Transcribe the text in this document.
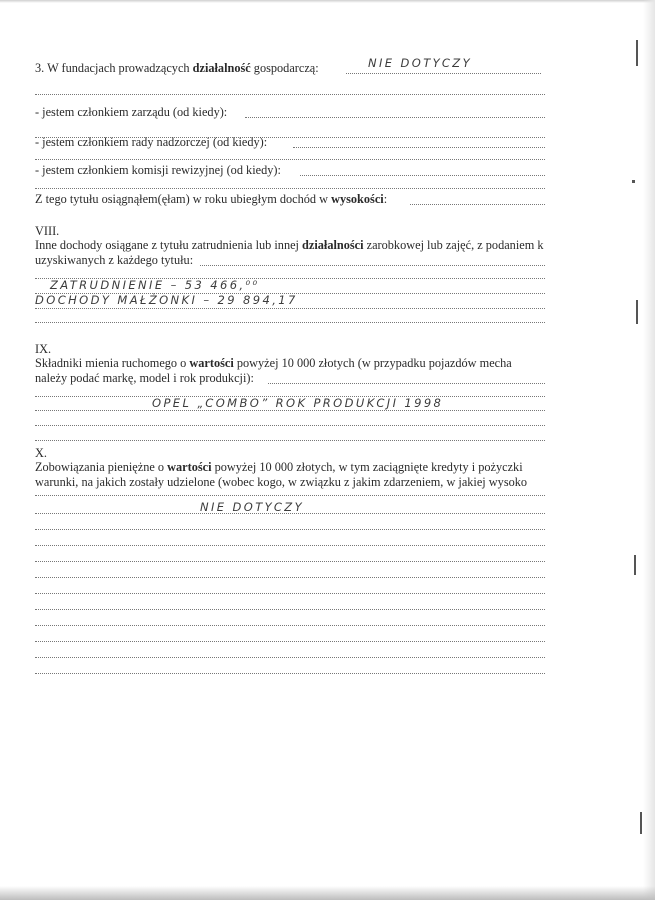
3. W fundacjach prowadzących działalność gospodarczą:	NIE DOTYCZY
- jestem członkiem zarządu (od kiedy):
- jestem członkiem rady nadzorczej (od kiedy):
- jestem członkiem komisji rewizyjnej (od kiedy):
Z tego tytułu osiągnąłem(ęłam) w roku ubiegłym dochód w wysokości:
VIII.
Inne dochody osiągane z tytułu zatrudnienia lub innej działalności zarobkowej lub zajęć, z podaniem k
uzyskiwanych z każdego tytułu:
ZATRUDNIENIE – 53 466,⁰⁰
DOCHODY MAŁŻONKI – 29 894,17
IX.
Składniki mienia ruchomego o wartości powyżej 10 000 złotych (w przypadku pojazdów mecha
należy podać markę, model i rok produkcji):
OPEL „COMBO” ROK PRODUKCJI 1998
X.
Zobowiązania pieniężne o wartości powyżej 10 000 złotych, w tym zaciągnięte kredyty i pożyczki
warunki, na jakich zostały udzielone (wobec kogo, w związku z jakim zdarzeniem, w jakiej wysoko
NIE DOTYCZY
